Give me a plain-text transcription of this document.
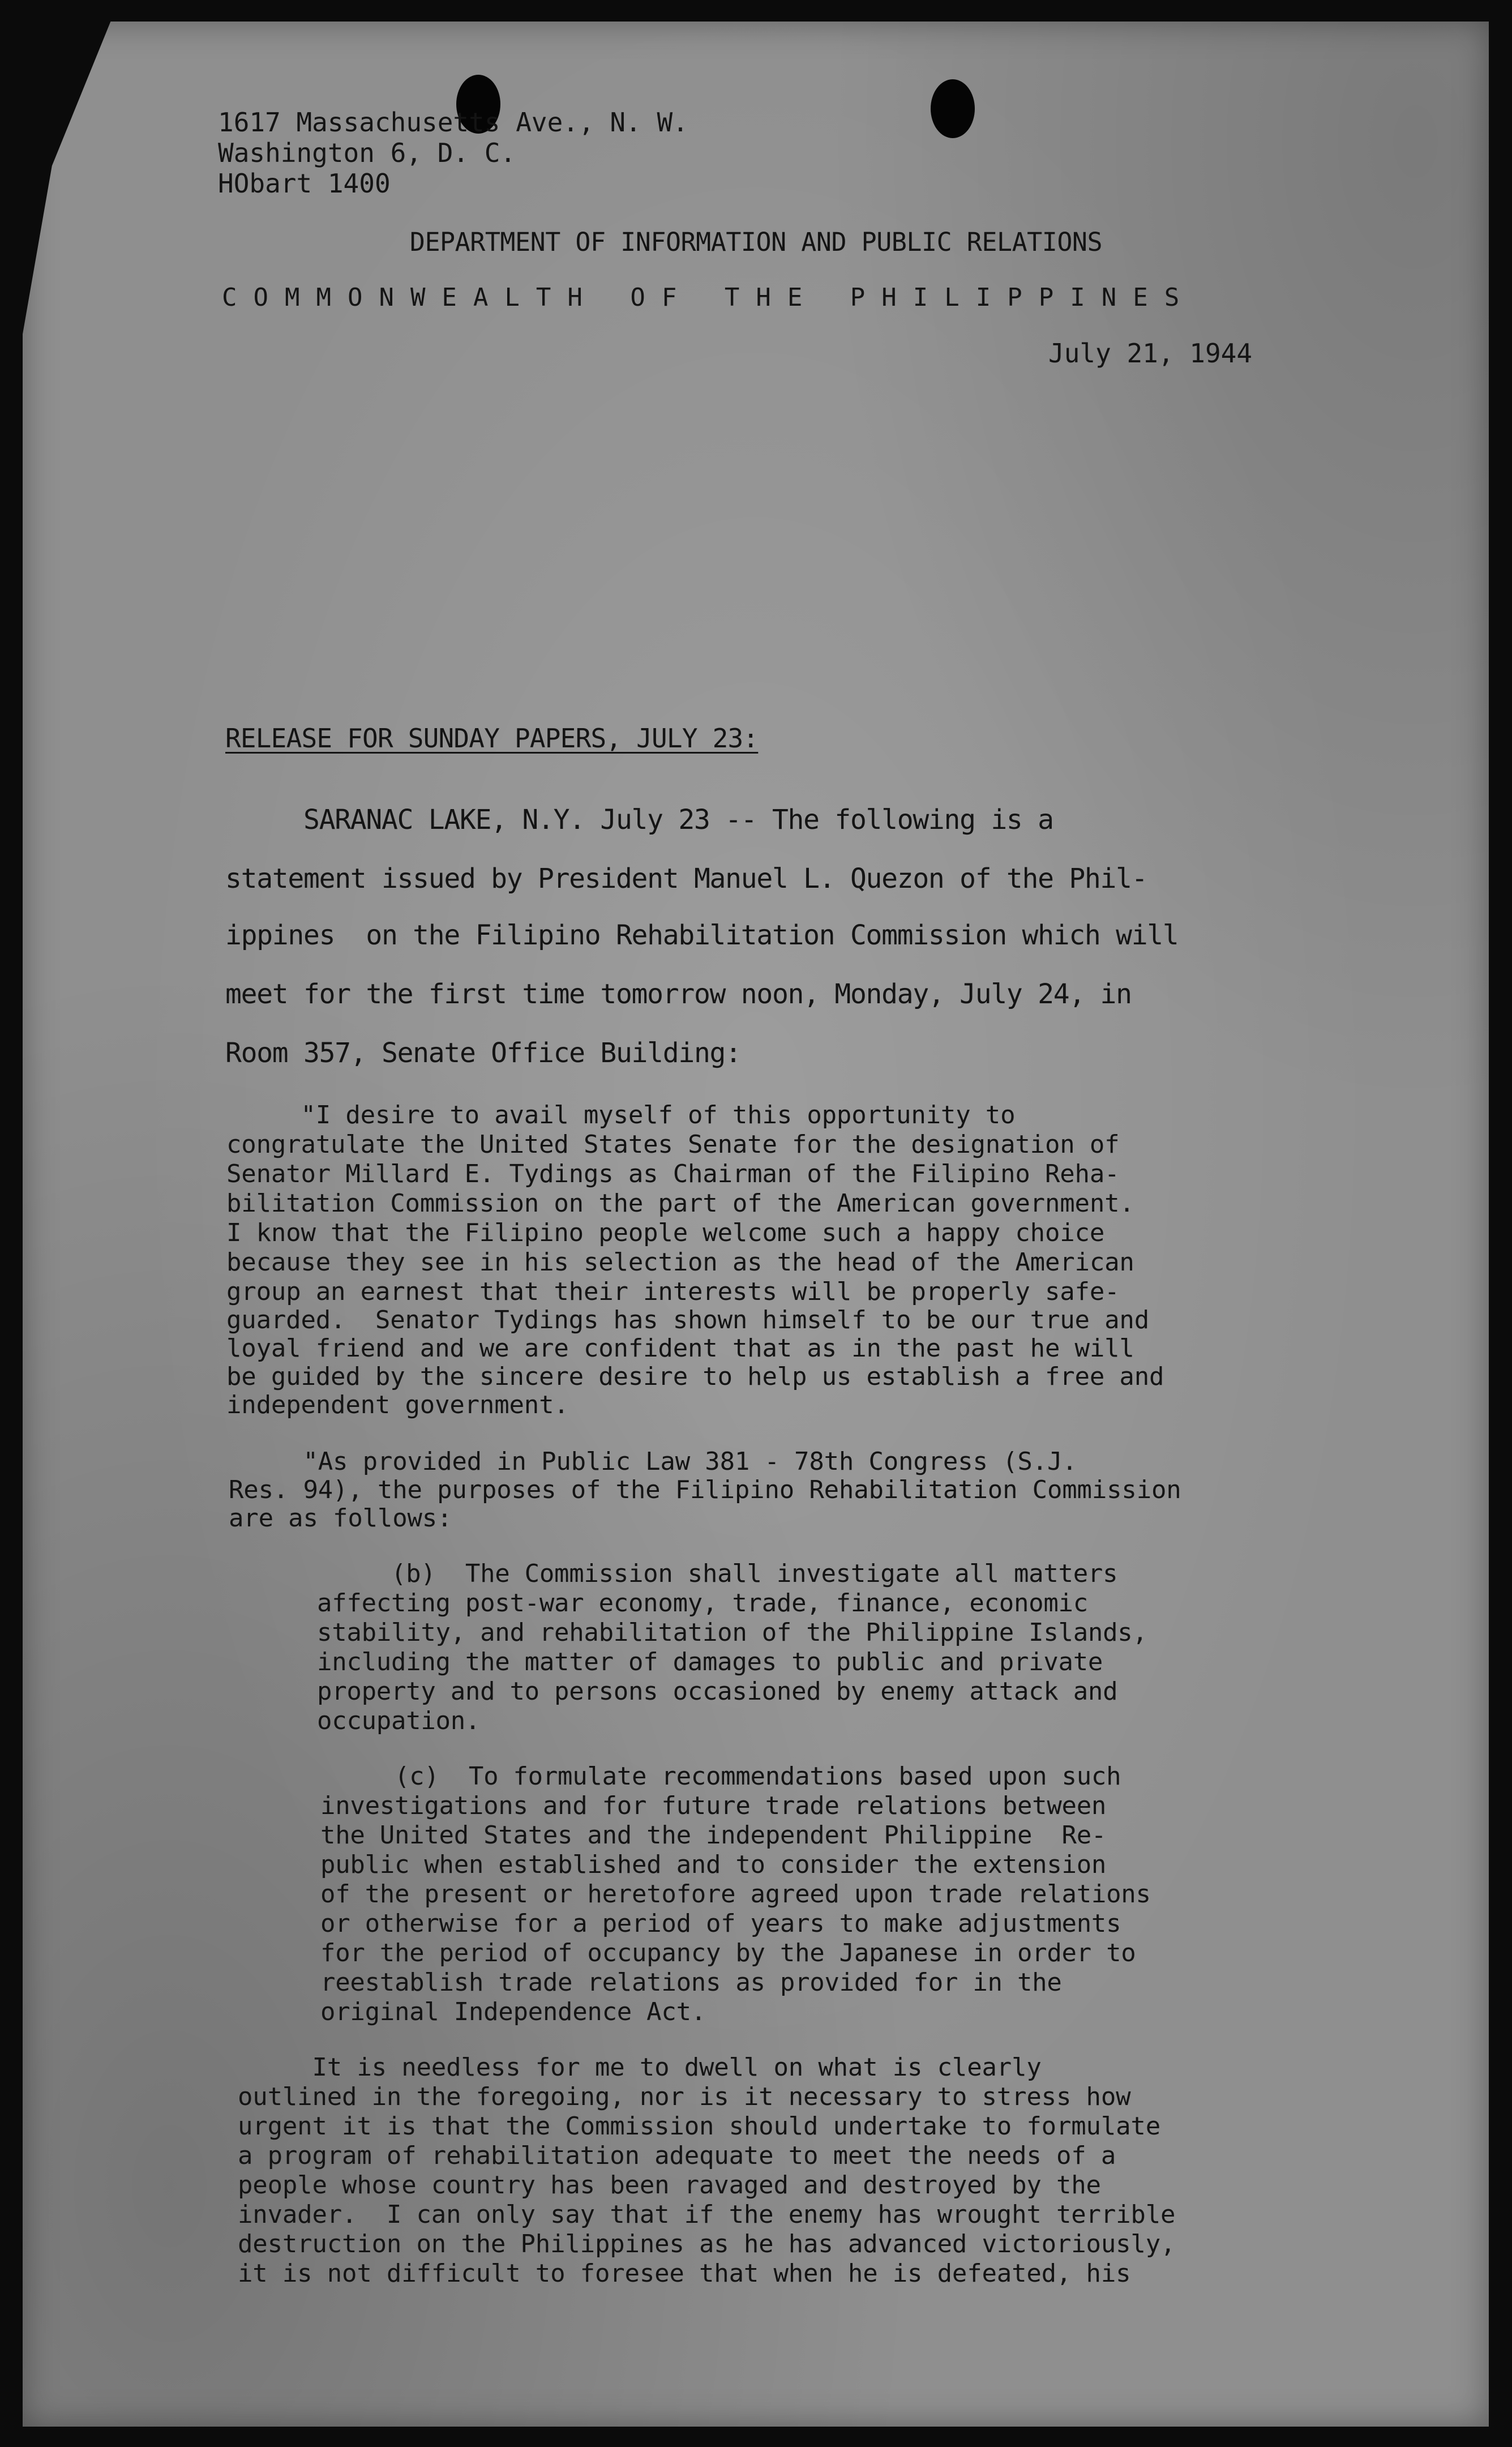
1617 Massachusetts Ave., N. W.

Washington 6, D. C.

HObart 1400

DEPARTMENT OF INFORMATION AND PUBLIC RELATIONS

COMMONWEALTH OF THE PHILIPPINES

July 21, 1944

RELEASE FOR SUNDAY PAPERS, JULY 23:

SARANAC LAKE, N.Y. July 23 -- The following is a

statement issued by President Manuel L. Quezon of the Phil-

ippines  on the Filipino Rehabilitation Commission which will

meet for the first time tomorrow noon, Monday, July 24, in

Room 357, Senate Office Building:

"I desire to avail myself of this opportunity to

congratulate the United States Senate for the designation of

Senator Millard E. Tydings as Chairman of the Filipino Reha-

bilitation Commission on the part of the American government.

I know that the Filipino people welcome such a happy choice

because they see in his selection as the head of the American

group an earnest that their interests will be properly safe-

guarded.  Senator Tydings has shown himself to be our true and

loyal friend and we are confident that as in the past he will

be guided by the sincere desire to help us establish a free and

independent government.

"As provided in Public Law 381 - 78th Congress (S.J.

Res. 94), the purposes of the Filipino Rehabilitation Commission

are as follows:

(b)  The Commission shall investigate all matters

affecting post-war economy, trade, finance, economic

stability, and rehabilitation of the Philippine Islands,

including the matter of damages to public and private

property and to persons occasioned by enemy attack and

occupation.

(c)  To formulate recommendations based upon such

investigations and for future trade relations between

the United States and the independent Philippine  Re-

public when established and to consider the extension

of the present or heretofore agreed upon trade relations

or otherwise for a period of years to make adjustments

for the period of occupancy by the Japanese in order to

reestablish trade relations as provided for in the

original Independence Act.

It is needless for me to dwell on what is clearly

outlined in the foregoing, nor is it necessary to stress how

urgent it is that the Commission should undertake to formulate

a program of rehabilitation adequate to meet the needs of a

people whose country has been ravaged and destroyed by the

invader.  I can only say that if the enemy has wrought terrible

destruction on the Philippines as he has advanced victoriously,

it is not difficult to foresee that when he is defeated, his
